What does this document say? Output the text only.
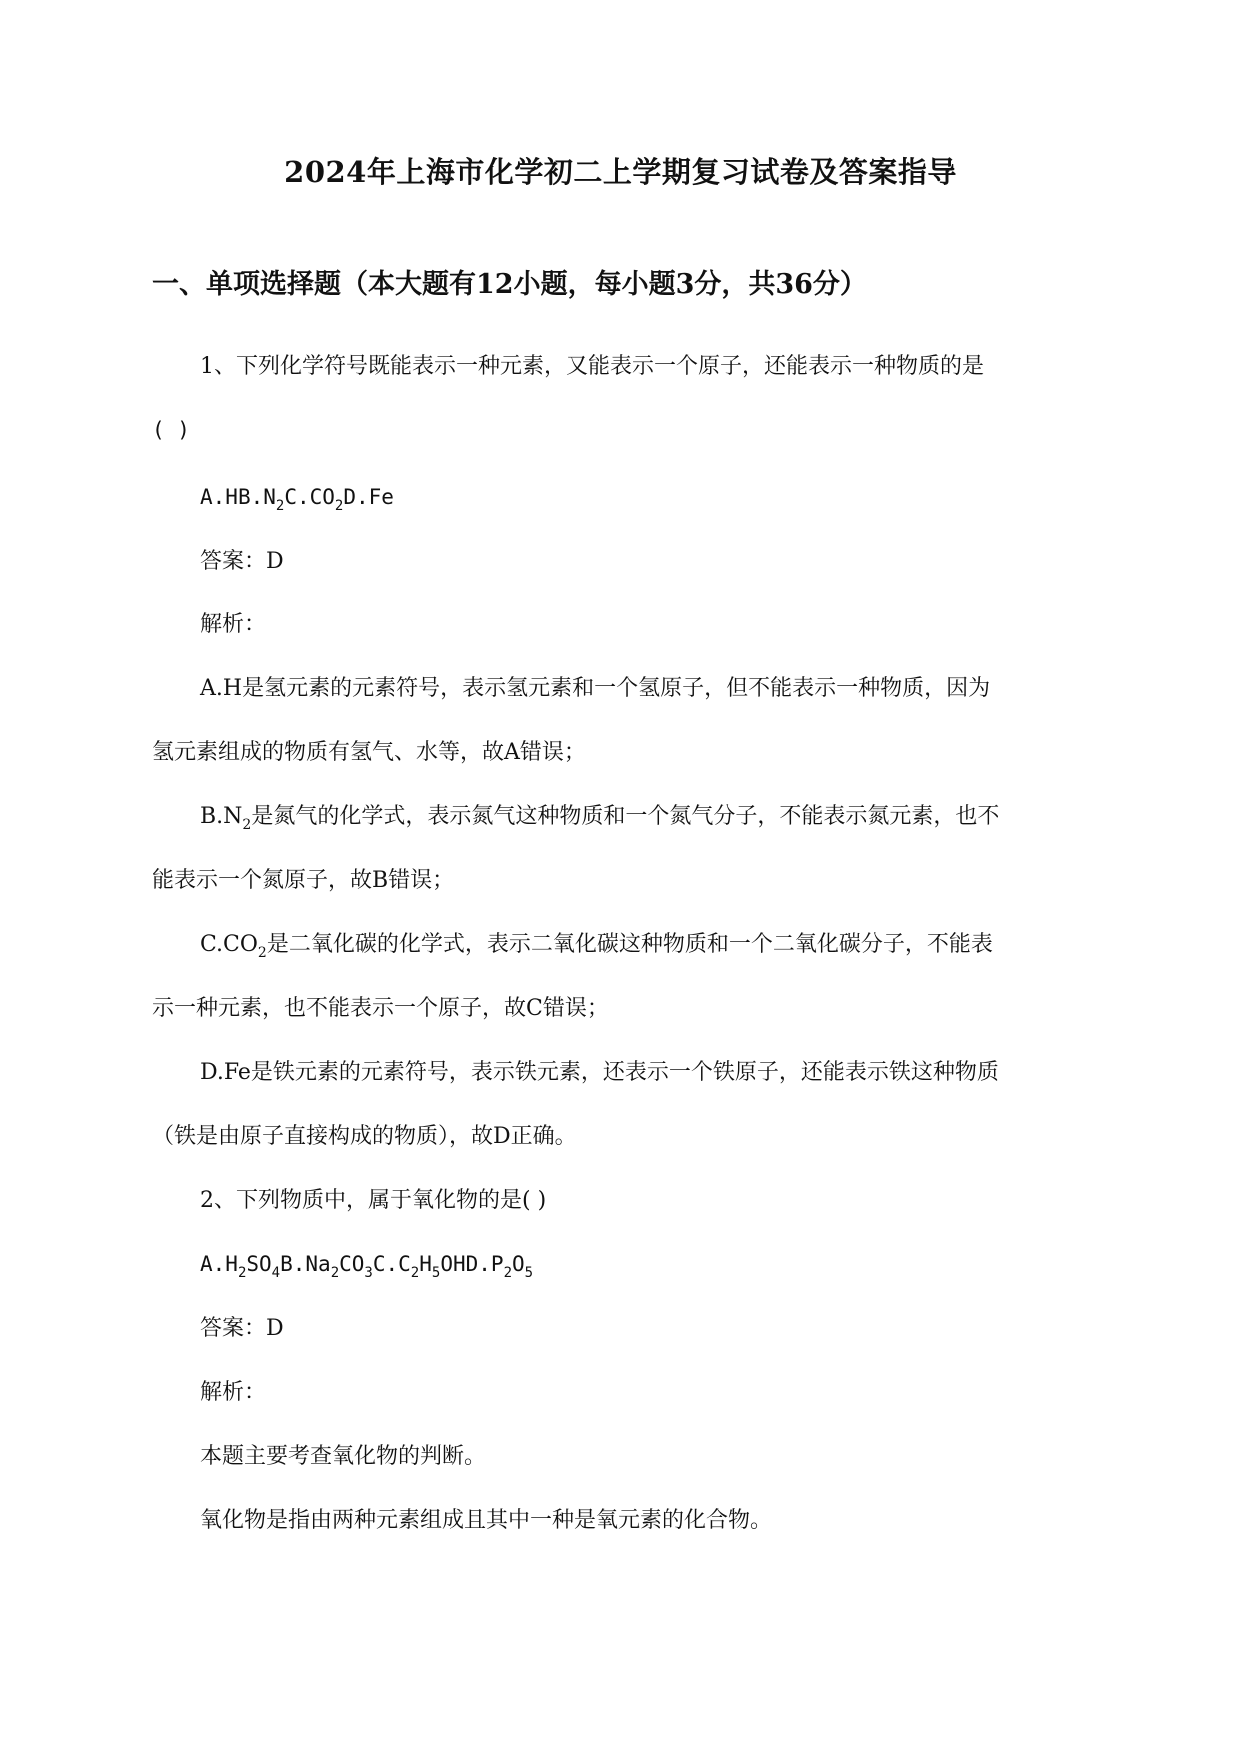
2024年上海市化学初二上学期复习试卷及答案指导
一、单项选择题（本大题有12小题，每小题3分，共36分）
1、下列化学符号既能表示一种元素，又能表示一个原子，还能表示一种物质的是
( )
$A.HB.N_2C.CO_2D.Fe$
答案：D
解析：
A.H是氢元素的元素符号，表示氢元素和一个氢原子，但不能表示一种物质，因为
氢元素组成的物质有氢气、水等，故A错误；
$B.N_2$是氮气的化学式，表示氮气这种物质和一个氮气分子，不能表示氮元素，也不
能表示一个氮原子，故B错误；
$C.CO_2$是二氧化碳的化学式，表示二氧化碳这种物质和一个二氧化碳分子，不能表
示一种元素，也不能表示一个原子，故C错误；
D.Fe是铁元素的元素符号，表示铁元素，还表示一个铁原子，还能表示铁这种物质
（铁是由原子直接构成的物质），故D正确。
2、下列物质中，属于氧化物的是( )
$A.H_2SO_4B.Na_2CO_3C.C_2H_5OHD.P_2O_5$
答案：D
解析：
本题主要考查氧化物的判断。
氧化物是指由两种元素组成且其中一种是氧元素的化合物。
